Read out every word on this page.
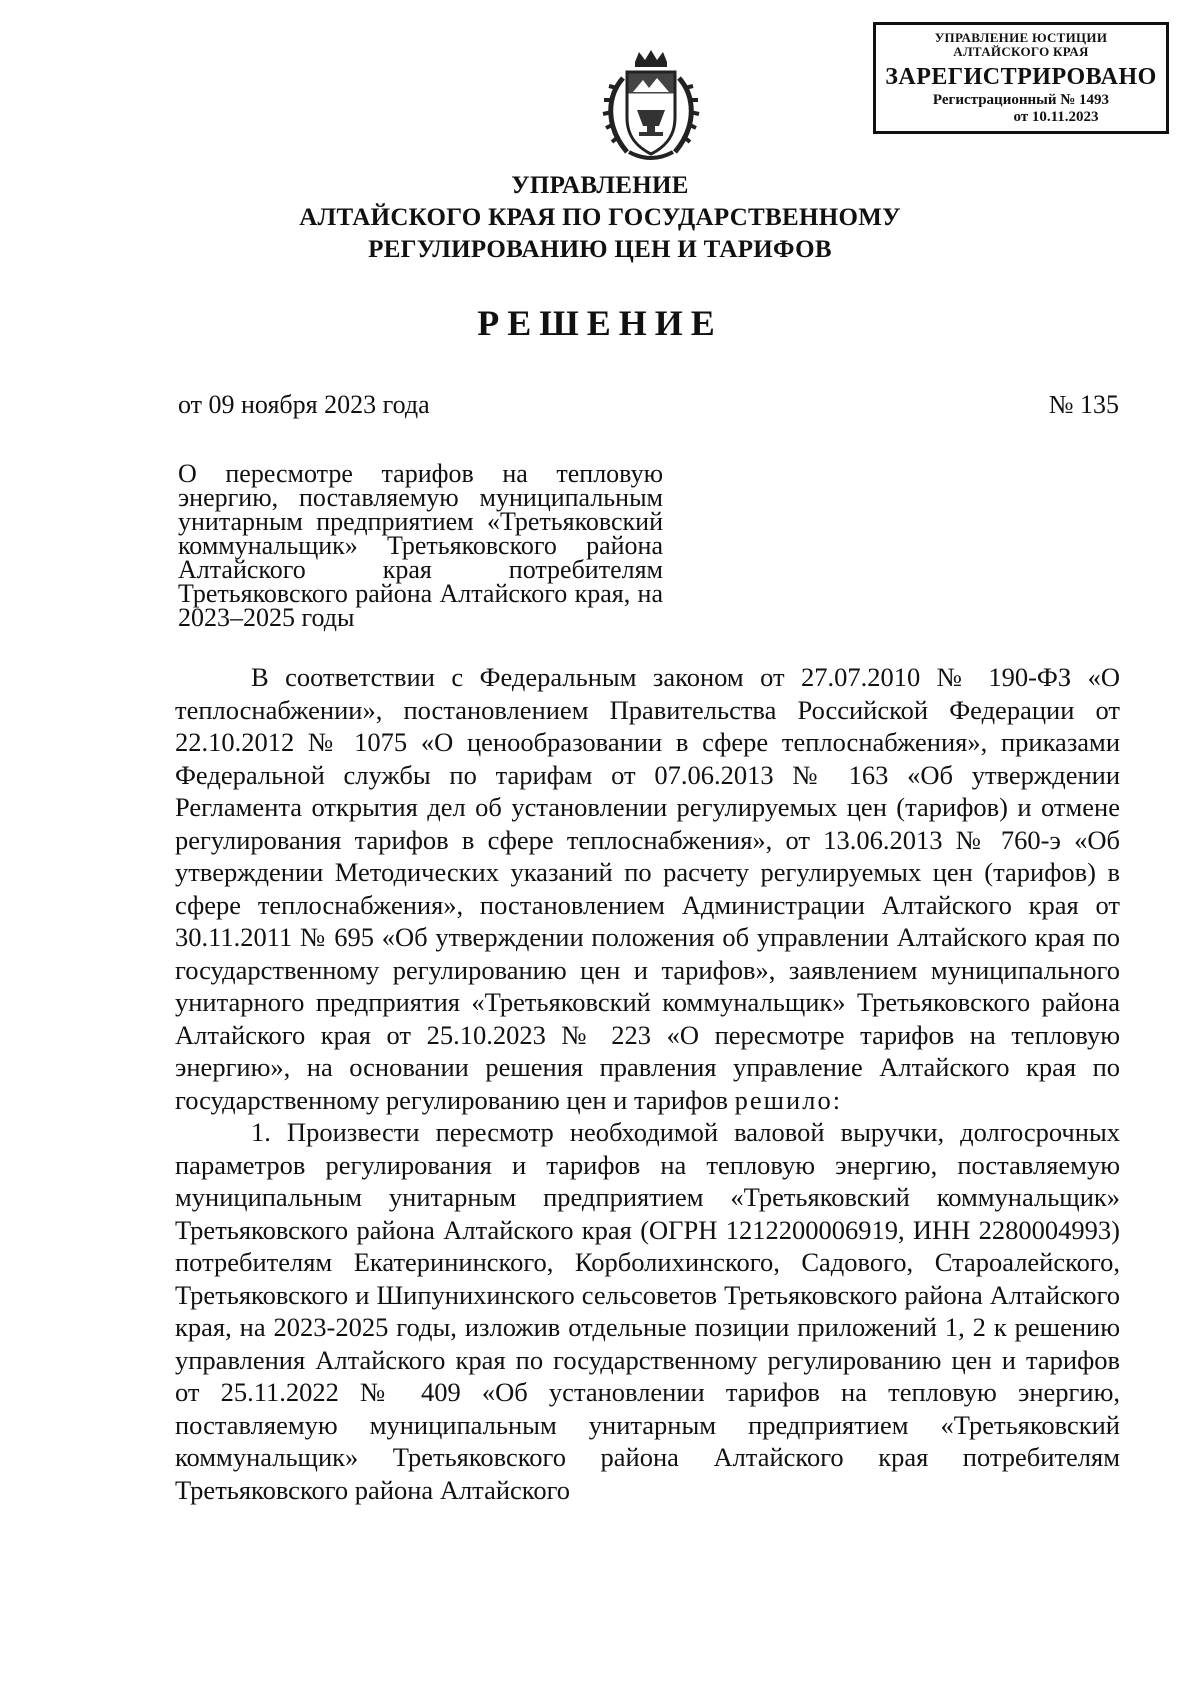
УПРАВЛЕНИЕ ЮСТИЦИИ
АЛТАЙСКОГО КРАЯ
ЗАРЕГИСТРИРОВАНО
Регистрационный № 1493
от 10.11.2023
УПРАВЛЕНИЕ
АЛТАЙСКОГО КРАЯ ПО ГОСУДАРСТВЕННОМУ
РЕГУЛИРОВАНИЮ ЦЕН И ТАРИФОВ
РЕШЕНИЕ
от 09 ноября 2023 года	№ 135
О пересмотре тарифов на тепловую энергию, поставляемую муниципальным унитарным предприятием «Третьяковский коммунальщик» Третьяковского района Алтайского края потребителям Третьяковского района Алтайского края, на 2023–2025 годы

В соответствии с Федеральным законом от 27.07.2010 № 190-ФЗ «О теплоснабжении», постановлением Правительства Российской Федерации от 22.10.2012 № 1075 «О ценообразовании в сфере теплоснабжения», приказами Федеральной службы по тарифам от 07.06.2013 № 163 «Об утверждении Регламента открытия дел об установлении регулируемых цен (тарифов) и отмене регулирования тарифов в сфере теплоснабжения», от 13.06.2013 № 760-э «Об утверждении Методических указаний по расчету регулируемых цен (тарифов) в сфере теплоснабжения», постановлением Администрации Алтайского края от 30.11.2011 № 695 «Об утверждении положения об управлении Алтайского края по государственному регулированию цен и тарифов», заявлением муниципального унитарного предприятия «Третьяковский коммунальщик» Третьяковского района Алтайского края от 25.10.2023 № 223 «О пересмотре тарифов на тепловую энергию», на основании решения правления управление Алтайского края по государственному регулированию цен и тарифов решило:

1. Произвести пересмотр необходимой валовой выручки, долгосрочных параметров регулирования и тарифов на тепловую энергию, поставляемую муниципальным унитарным предприятием «Третьяковский коммунальщик» Третьяковского района Алтайского края (ОГРН 1212200006919, ИНН 2280004993) потребителям Екатерининского, Корболихинского, Садового, Староалейского, Третьяковского и Шипунихинского сельсоветов Третьяковского района Алтайского края, на 2023-2025 годы, изложив отдельные позиции приложений 1, 2 к решению управления Алтайского края по государственному регулированию цен и тарифов от 25.11.2022 № 409 «Об установлении тарифов на тепловую энергию, поставляемую муниципальным унитарным предприятием «Третьяковский коммунальщик» Третьяковского района Алтайского края потребителям Третьяковского района Алтайского
